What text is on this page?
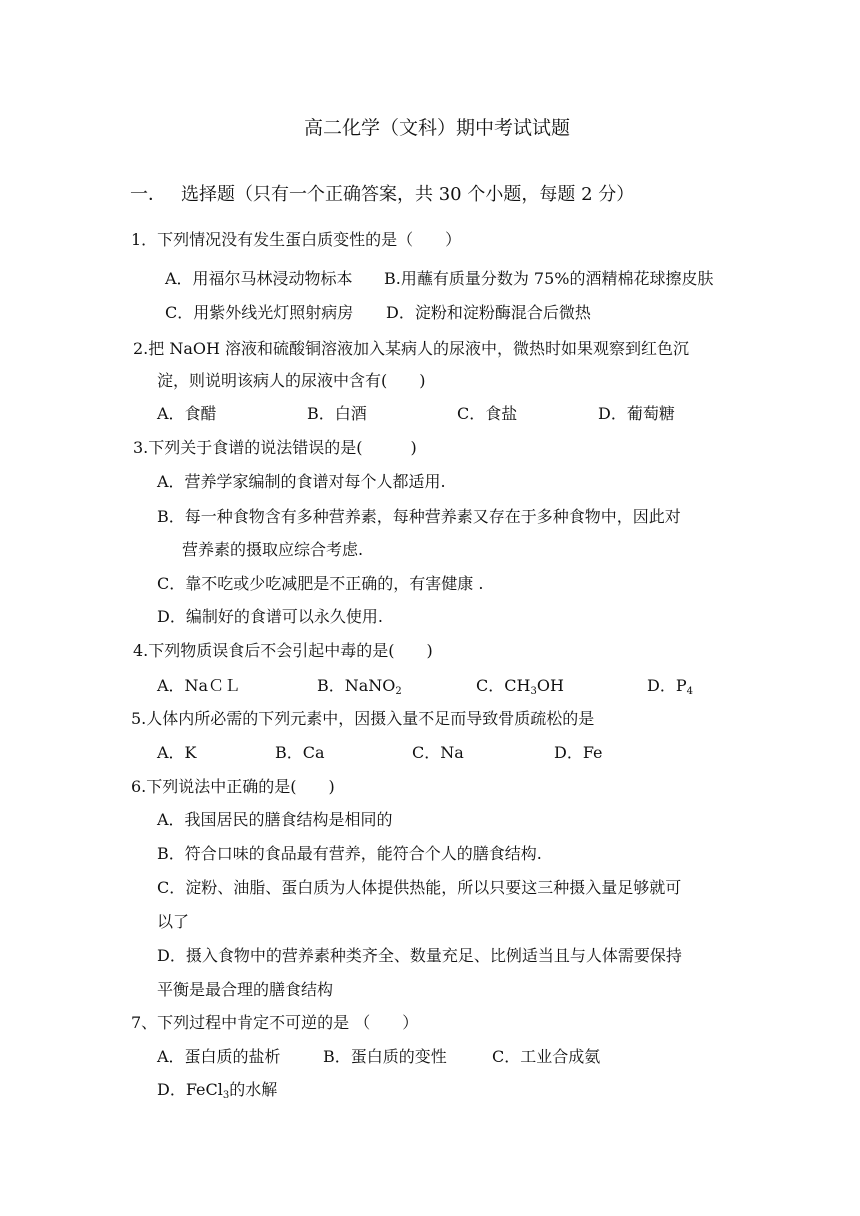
高二化学（文科）期中考试试题
一． 选择题（只有一个正确答案，共 30 个小题，每题 2 分）
1．下列情况没有发生蛋白质变性的是（　　）
A．用福尔马林浸动物标本 B.用蘸有质量分数为 75%的酒精棉花球擦皮肤
C．用紫外线光灯照射病房 D．淀粉和淀粉酶混合后微热
2.把 NaOH 溶液和硫酸铜溶液加入某病人的尿液中，微热时如果观察到红色沉
淀，则说明该病人的尿液中含有(　　)
A．食醋	B．白酒	C．食盐	D．葡萄糖
3.下列关于食谱的说法错误的是(　　　)
A．营养学家编制的食谱对每个人都适用.
B．每一种食物含有多种营养素，每种营养素又存在于多种食物中，因此对
营养素的摄取应综合考虑.
C．靠不吃或少吃减肥是不正确的，有害健康 .
D．编制好的食谱可以永久使用.
4.下列物质误食后不会引起中毒的是(　　)
A．NaＣＬ	B．NaNO$_2$	C．$CH_3OH$	D．$P_4$
5.人体内所必需的下列元素中，因摄入量不足而导致骨质疏松的是
A．K	B．Ca	C．Na	D．Fe
6.下列说法中正确的是(　　)
A．我国居民的膳食结构是相同的
B．符合口味的食品最有营养，能符合个人的膳食结构.
C．淀粉、油脂、蛋白质为人体提供热能，所以只要这三种摄入量足够就可
以了
D．摄入食物中的营养素种类齐全、数量充足、比例适当且与人体需要保持
平衡是最合理的膳食结构
7、下列过程中肯定不可逆的是 （　　）
A．蛋白质的盐析	B．蛋白质的变性	C．工业合成氨
D．FeCl$_3$的水解
